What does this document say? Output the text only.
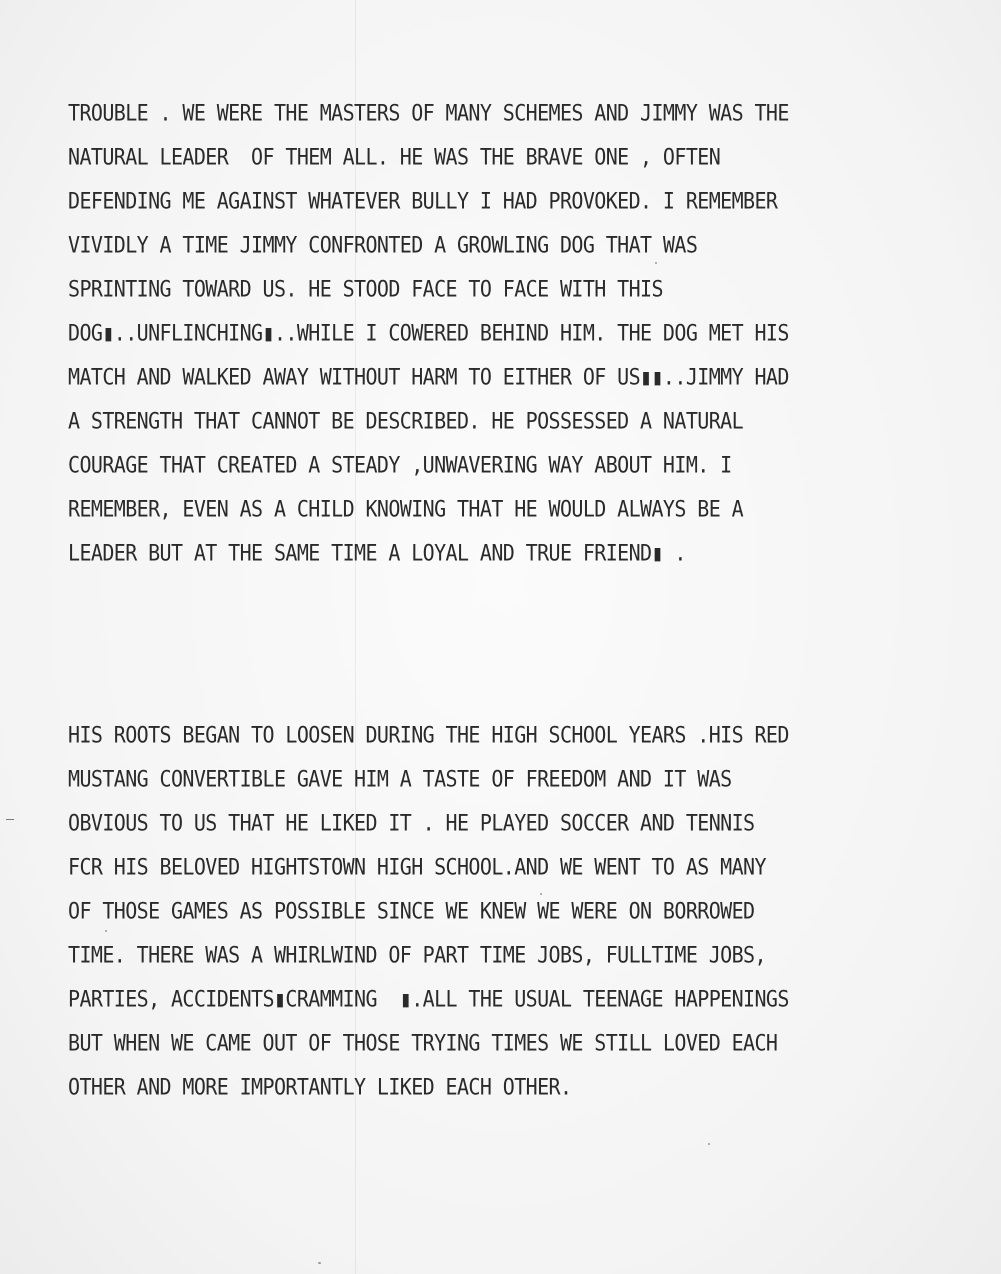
TROUBLE . WE WERE THE MASTERS OF MANY SCHEMES AND JIMMY WAS THE
NATURAL LEADER  OF THEM ALL. HE WAS THE BRAVE ONE , OFTEN
DEFENDING ME AGAINST WHATEVER BULLY I HAD PROVOKED. I REMEMBER
VIVIDLY A TIME JIMMY CONFRONTED A GROWLING DOG THAT WAS
SPRINTING TOWARD US. HE STOOD FACE TO FACE WITH THIS
DOG▮..UNFLINCHING▮..WHILE I COWERED BEHIND HIM. THE DOG MET HIS
MATCH AND WALKED AWAY WITHOUT HARM TO EITHER OF US▮▮..JIMMY HAD
A STRENGTH THAT CANNOT BE DESCRIBED. HE POSSESSED A NATURAL
COURAGE THAT CREATED A STEADY ,UNWAVERING WAY ABOUT HIM. I
REMEMBER, EVEN AS A CHILD KNOWING THAT HE WOULD ALWAYS BE A
LEADER BUT AT THE SAME TIME A LOYAL AND TRUE FRIEND▮ .
HIS ROOTS BEGAN TO LOOSEN DURING THE HIGH SCHOOL YEARS .HIS RED
MUSTANG CONVERTIBLE GAVE HIM A TASTE OF FREEDOM AND IT WAS
OBVIOUS TO US THAT HE LIKED IT . HE PLAYED SOCCER AND TENNIS
FCR HIS BELOVED HIGHTSTOWN HIGH SCHOOL.AND WE WENT TO AS MANY
OF THOSE GAMES AS POSSIBLE SINCE WE KNEW WE WERE ON BORROWED
TIME. THERE WAS A WHIRLWIND OF PART TIME JOBS, FULLTIME JOBS,
PARTIES, ACCIDENTS▮CRAMMING  ▮.ALL THE USUAL TEENAGE HAPPENINGS
BUT WHEN WE CAME OUT OF THOSE TRYING TIMES WE STILL LOVED EACH
OTHER AND MORE IMPORTANTLY LIKED EACH OTHER.
